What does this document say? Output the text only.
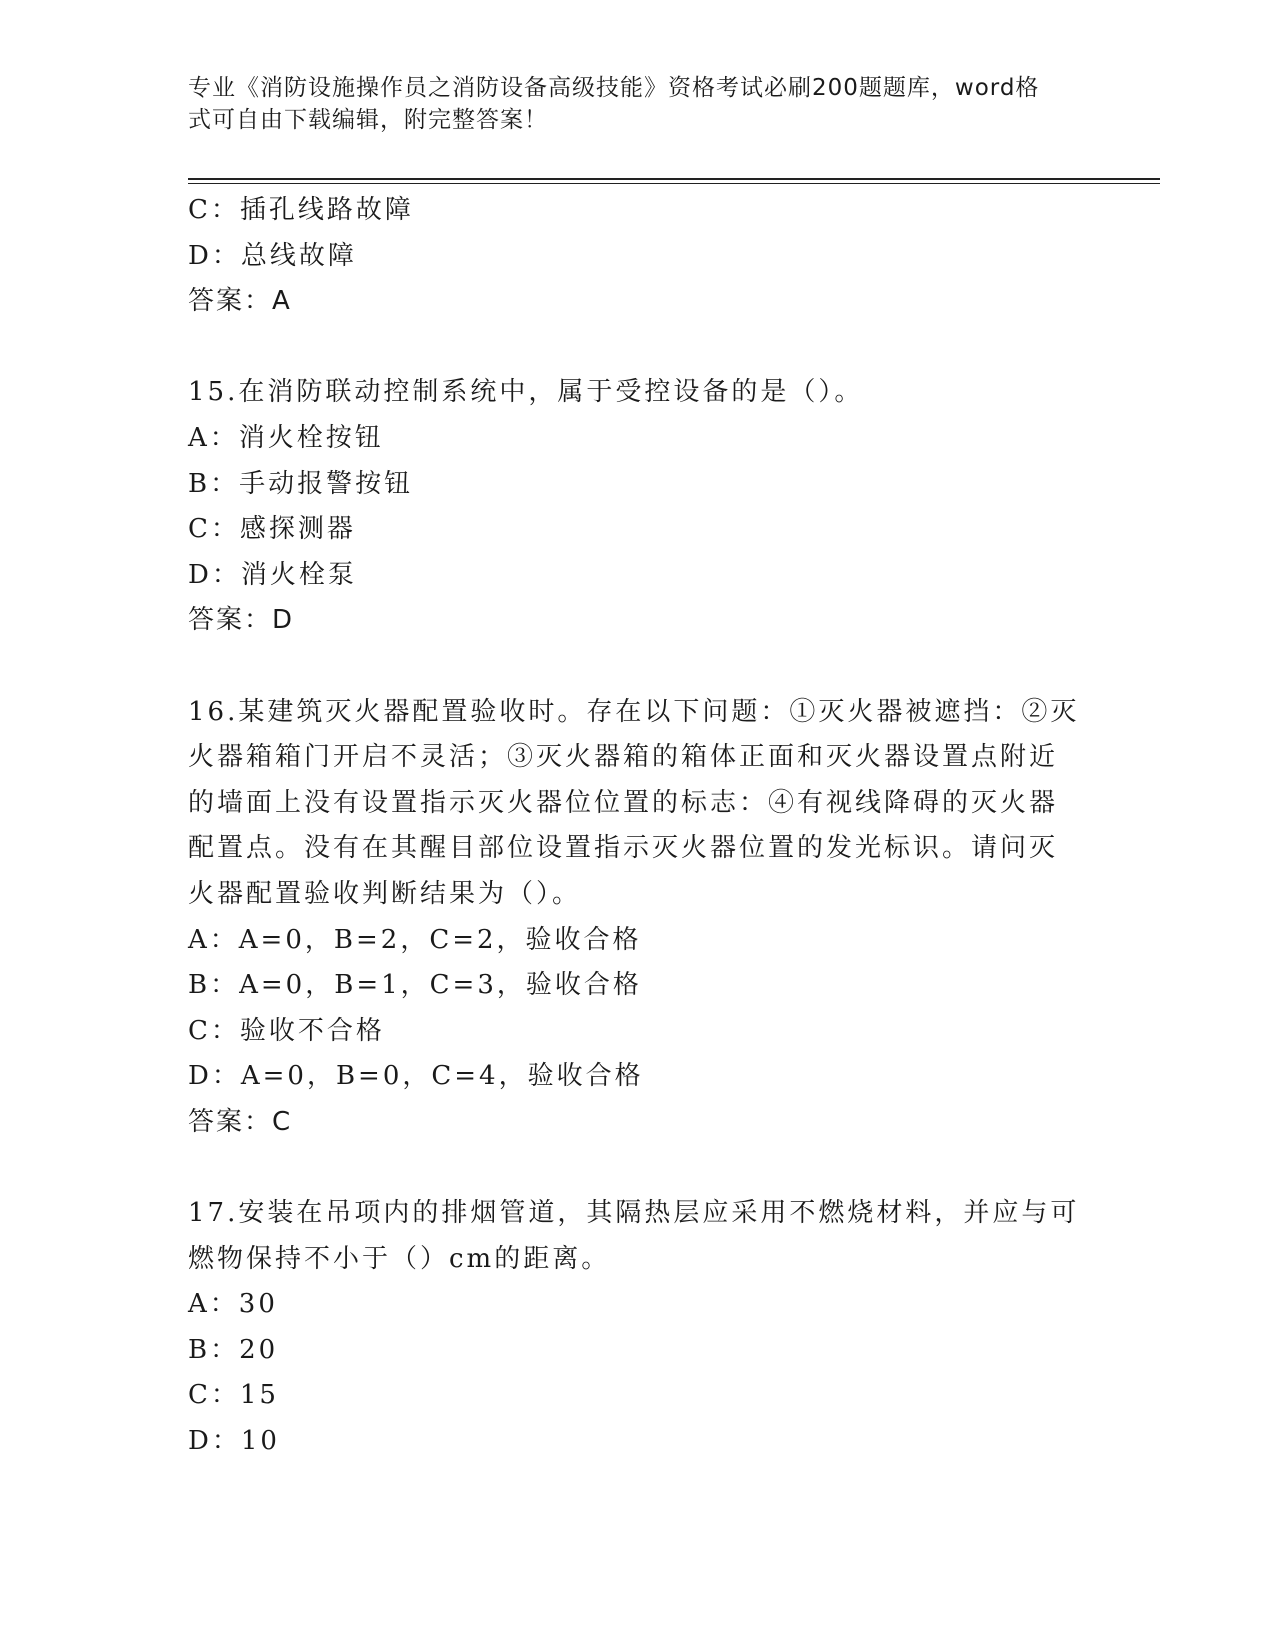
专业《消防设施操作员之消防设备高级技能》资格考试必刷200题题库，word格
式可自由下载编辑，附完整答案！
C：插孔线路故障
D：总线故障
答案：A
15.在消防联动控制系统中，属于受控设备的是（）。
A：消火栓按钮
B：手动报警按钮
C：感探测器
D：消火栓泵
答案：D
16.某建筑灭火器配置验收时。存在以下问题：①灭火器被遮挡：②灭
火器箱箱门开启不灵活；③灭火器箱的箱体正面和灭火器设置点附近
的墙面上没有设置指示灭火器位位置的标志：④有视线降碍的灭火器
配置点。没有在其醒目部位设置指示灭火器位置的发光标识。请问灭
火器配置验收判断结果为（）。
A：A=0，B=2，C=2，验收合格
B：A=0，B=1，C=3，验收合格
C：验收不合格
D：A=0，B=0，C=4，验收合格
答案：C
17.安装在吊项内的排烟管道，其隔热层应采用不燃烧材料，并应与可
燃物保持不小于（）cm的距离。
A：30
B：20
C：15
D：10
